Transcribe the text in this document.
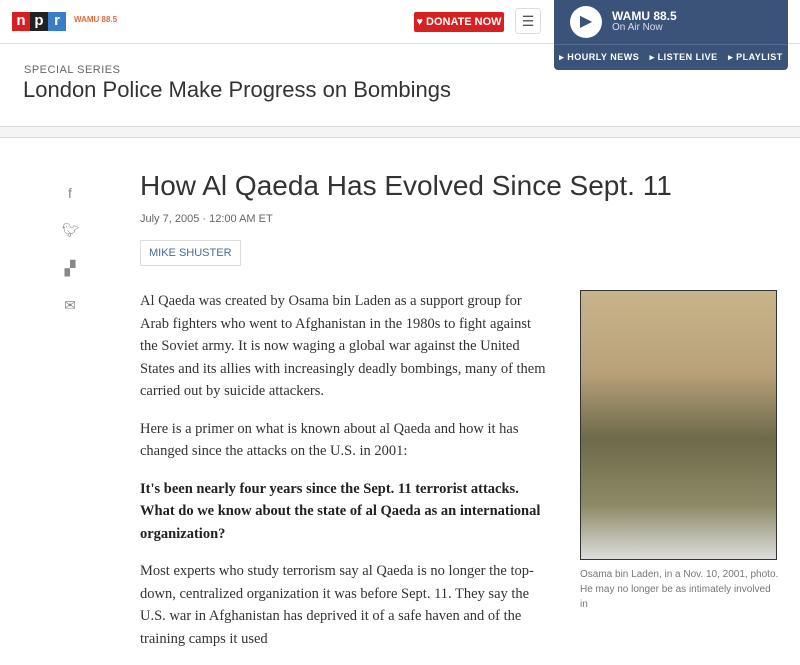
n p r	WAMU 88.5	♥ DONATE NOW	☰	▶	WAMU 88.5
On Air Now
▸ HOURLY NEWS ▸ LISTEN LIVE ▸ PLAYLIST
SPECIAL SERIES
London Police Make Progress on Bombings
f
🐦︎
▞
✉
How Al Qaeda Has Evolved Since Sept. 11
July 7, 2005 · 12:00 AM ET
MIKE SHUSTER

Al Qaeda was created by Osama bin Laden as a support group for Arab fighters who went to Afghanistan in the 1980s to fight against the Soviet army. It is now waging a global war against the United States and its allies with increasingly deadly bombings, many of them carried out by suicide attackers.

Here is a primer on what is known about al Qaeda and how it has changed since the attacks on the U.S. in 2001:

It's been nearly four years since the Sept. 11 terrorist attacks. What do we know about the state of al Qaeda as an international organization?

Most experts who study terrorism say al Qaeda is no longer the top-down, centralized organization it was before Sept. 11. They say the U.S. war in Afghanistan has deprived it of a safe haven and of the training camps it used

Osama bin Laden, in a Nov. 10, 2001, photo. He may no longer be as intimately involved in
